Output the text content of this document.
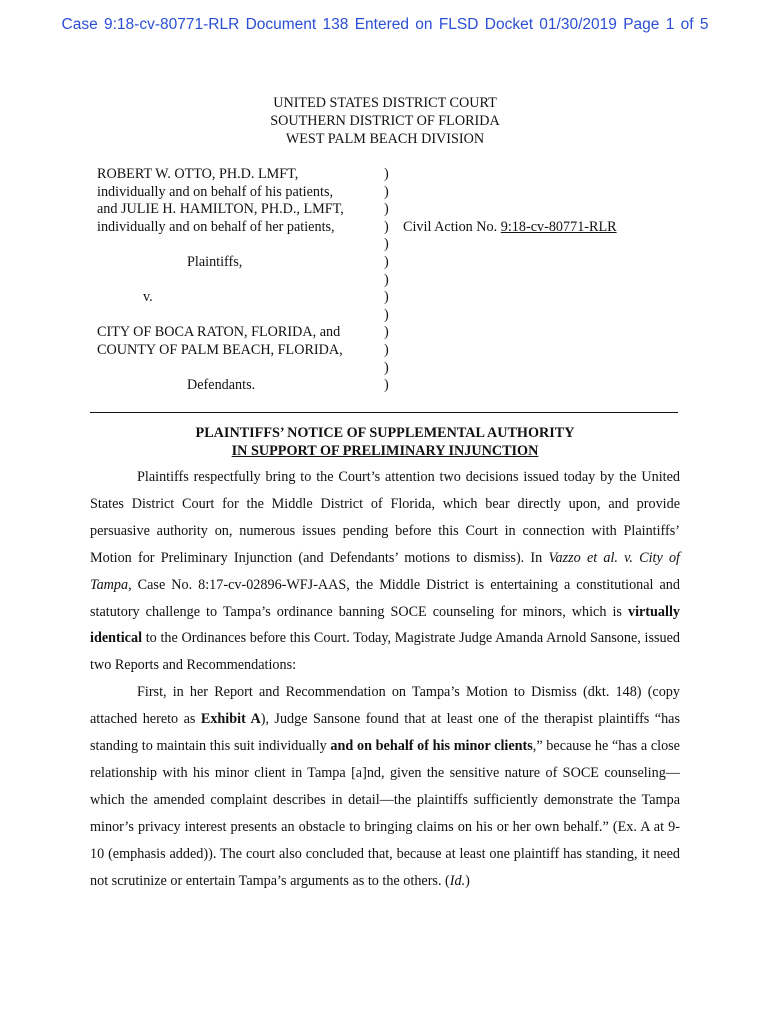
Case 9:18-cv-80771-RLR Document 138 Entered on FLSD Docket 01/30/2019 Page 1 of 5
UNITED STATES DISTRICT COURT
SOUTHERN DISTRICT OF FLORIDA
WEST PALM BEACH DIVISION
ROBERT W. OTTO, PH.D. LMFT,
individually and on behalf of his patients,
and JULIE H. HAMILTON, PH.D., LMFT,
individually and on behalf of her patients,
Plaintiffs,
v.
CITY OF BOCA RATON, FLORIDA, and
COUNTY OF PALM BEACH, FLORIDA,
Defendants.
)
)
)
)
)
)
)
)
)
)
)
)
)
Civil Action No. 9:18-cv-80771-RLR
PLAINTIFFS’ NOTICE OF SUPPLEMENTAL AUTHORITY
IN SUPPORT OF PRELIMINARY INJUNCTION

Plaintiffs respectfully bring to the Court’s attention two decisions issued today by the United States District Court for the Middle District of Florida, which bear directly upon, and provide persuasive authority on, numerous issues pending before this Court in connection with Plaintiffs’ Motion for Preliminary Injunction (and Defendants’ motions to dismiss). In Vazzo et al. v. City of Tampa, Case No. 8:17-cv-02896-WFJ-AAS, the Middle District is entertaining a constitutional and statutory challenge to Tampa’s ordinance banning SOCE counseling for minors, which is virtually identical to the Ordinances before this Court. Today, Magistrate Judge Amanda Arnold Sansone, issued two Reports and Recommendations:

First, in her Report and Recommendation on Tampa’s Motion to Dismiss (dkt. 148) (copy attached hereto as Exhibit A), Judge Sansone found that at least one of the therapist plaintiffs “has standing to maintain this suit individually and on behalf of his minor clients,” because he “has a close relationship with his minor client in Tampa [a]nd, given the sensitive nature of SOCE counseling—which the amended complaint describes in detail—the plaintiffs sufficiently demonstrate the Tampa minor’s privacy interest presents an obstacle to bringing claims on his or her own behalf.” (Ex. A at 9-10 (emphasis added)). The court also concluded that, because at least one plaintiff has standing, it need not scrutinize or entertain Tampa’s arguments as to the others. (Id.)
